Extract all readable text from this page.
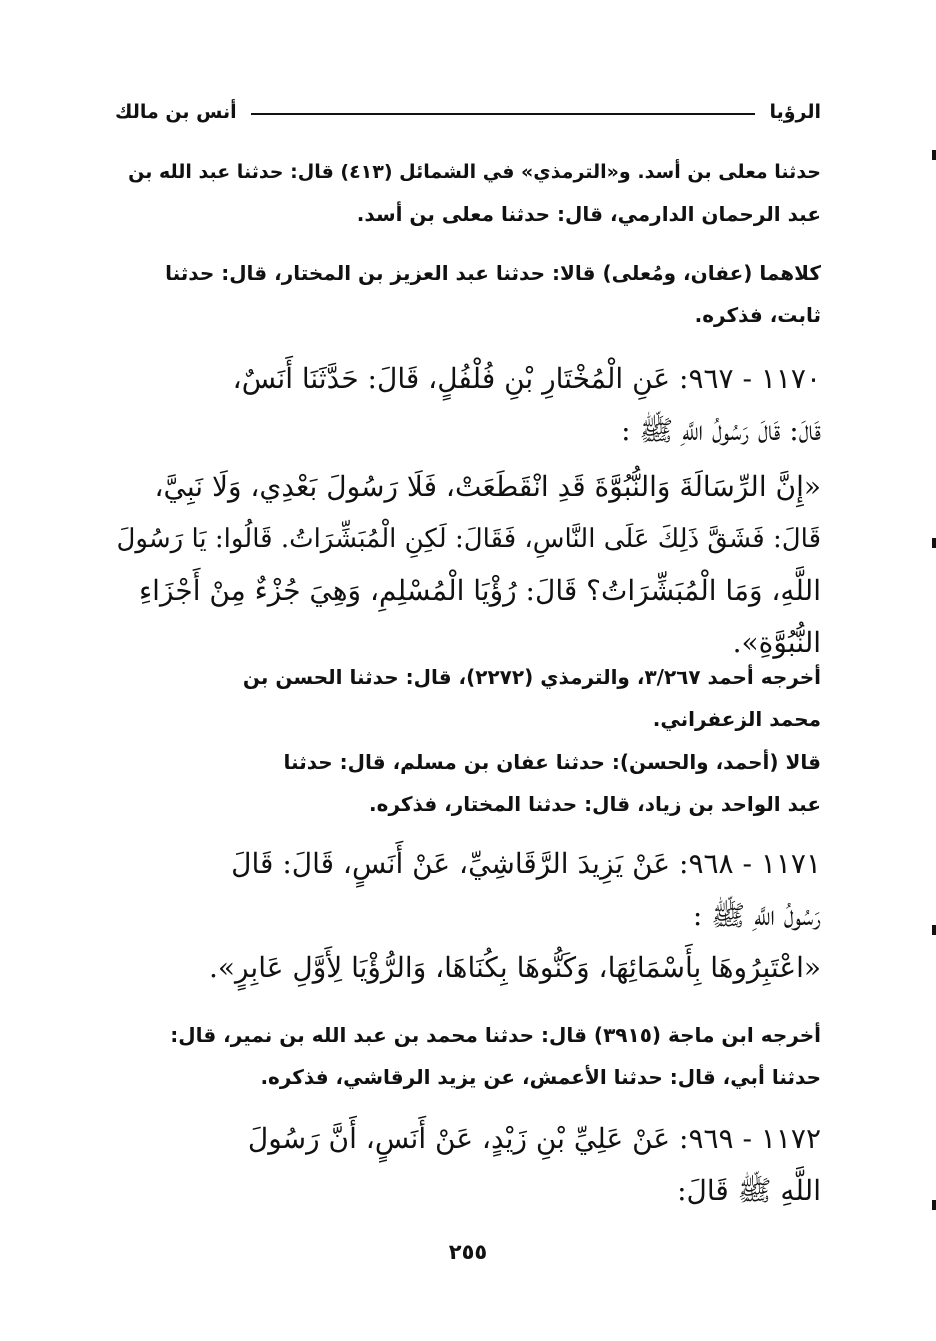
الرؤيا
أنس بن مالك
حدثنا معلى بن أسد. و«الترمذي» في الشمائل (٤١٣) قال: حدثنا عبد الله بن
عبد الرحمان الدارمي، قال: حدثنا معلى بن أسد.
كلاهما (عفان، ومُعلى) قالا: حدثنا عبد العزيز بن المختار، قال: حدثنا
ثابت، فذكره.
١١٧٠ - ٩٦٧: عَنِ الْمُخْتَارِ بْنِ فُلْفُلٍ، قَالَ: حَدَّثَنَا أَنَسٌ،
قَالَ: قَالَ رَسُولُ اللَّهِ ﷺ :
«إِنَّ الرِّسَالَةَ وَالنُّبُوَّةَ قَدِ انْقَطَعَتْ، فَلَا رَسُولَ بَعْدِي، وَلَا نَبِيَّ،
قَالَ: فَشَقَّ ذَلِكَ عَلَى النَّاسِ، فَقَالَ: لَكِنِ الْمُبَشِّرَاتُ. قَالُوا: يَا رَسُولَ
اللَّهِ، وَمَا الْمُبَشِّرَاتُ؟ قَالَ: رُؤْيَا الْمُسْلِمِ، وَهِيَ جُزْءٌ مِنْ أَجْزَاءِ
النُّبُوَّةِ».
أخرجه أحمد ٣/٢٦٧، والترمذي (٢٢٧٢)، قال: حدثنا الحسن بن
محمد الزعفراني.
قالا (أحمد، والحسن): حدثنا عفان بن مسلم، قال: حدثنا
عبد الواحد بن زياد، قال: حدثنا المختار، فذكره.
١١٧١ - ٩٦٨: عَنْ يَزِيدَ الرَّقَاشِيِّ، عَنْ أَنَسٍ، قَالَ: قَالَ
رَسُولُ اللَّهِ ﷺ :
«اعْتَبِرُوهَا بِأَسْمَائِهَا، وَكَنُّوهَا بِكُنَاهَا، وَالرُّؤْيَا لِأَوَّلِ عَابِرٍ».
أخرجه ابن ماجة (٣٩١٥) قال: حدثنا محمد بن عبد الله بن نمير، قال:
حدثنا أبي، قال: حدثنا الأعمش، عن يزيد الرقاشي، فذكره.
١١٧٢ - ٩٦٩: عَنْ عَلِيِّ بْنِ زَيْدٍ، عَنْ أَنَسٍ، أَنَّ رَسُولَ
اللَّهِ ﷺ قَالَ:
٢٥٥
